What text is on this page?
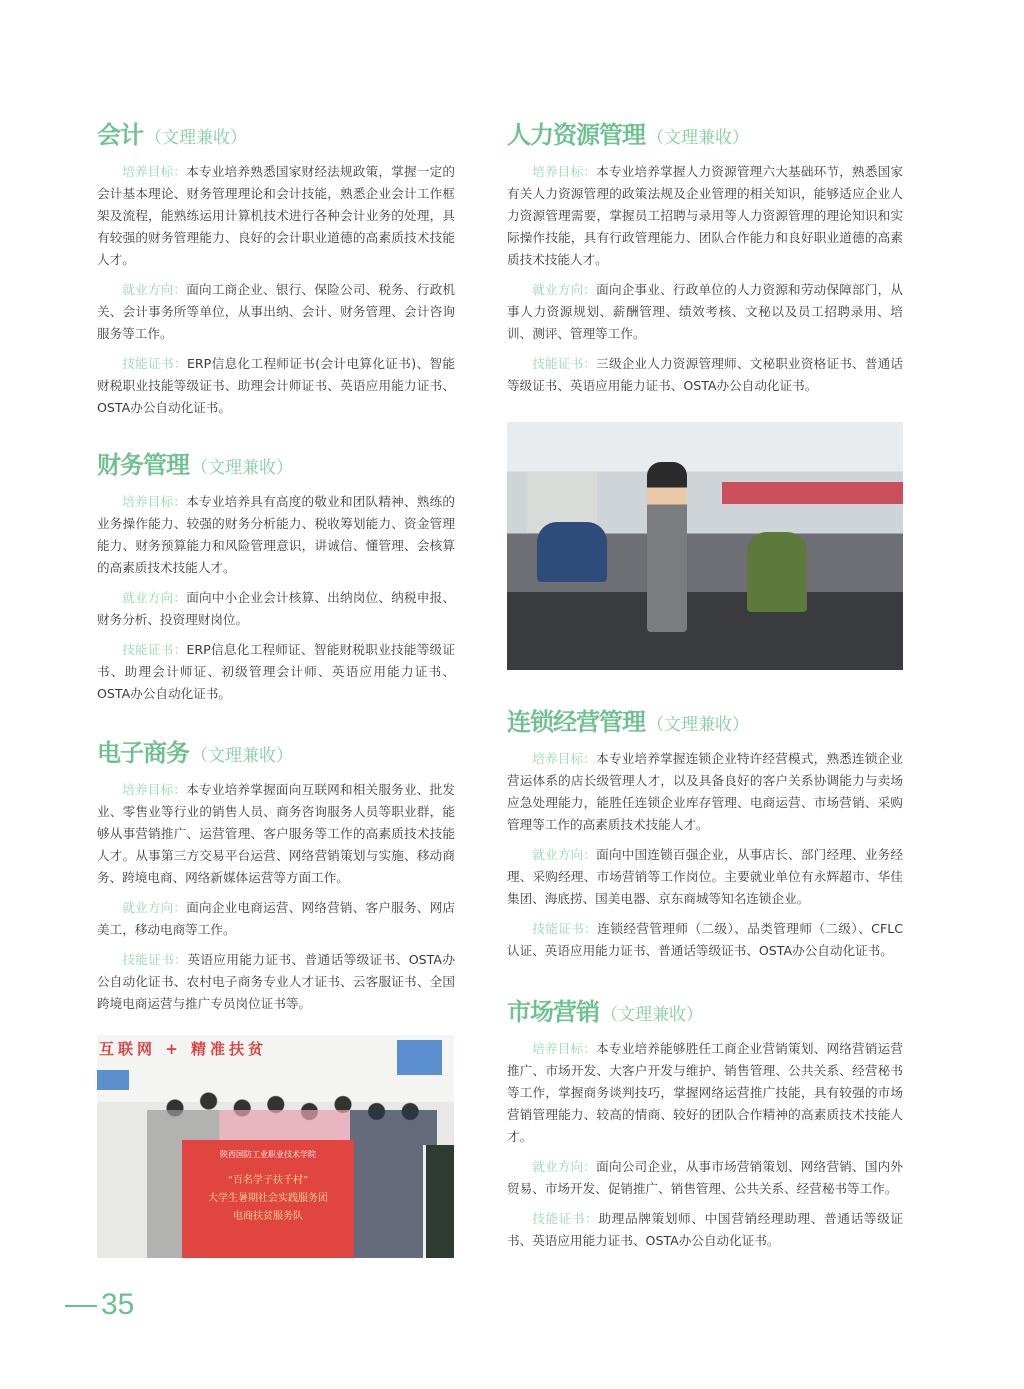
会计 （文理兼收）

培养目标：本专业培养熟悉国家财经法规政策，掌握一定的会计基本理论、财务管理理论和会计技能，熟悉企业会计工作框架及流程，能熟练运用计算机技术进行各种会计业务的处理，具有较强的财务管理能力、良好的会计职业道德的高素质技术技能人才。

就业方向：面向工商企业、银行、保险公司、税务、行政机关、会计事务所等单位，从事出纳、会计、财务管理、会计咨询服务等工作。

技能证书：ERP信息化工程师证书(会计电算化证书)、智能财税职业技能等级证书、助理会计师证书、英语应用能力证书、OSTA办公自动化证书。

财务管理 （文理兼收）

培养目标：本专业培养具有高度的敬业和团队精神、熟练的业务操作能力、较强的财务分析能力、税收筹划能力、资金管理能力、财务预算能力和风险管理意识，讲诚信、懂管理、会核算的高素质技术技能人才。

就业方向：面向中小企业会计核算、出纳岗位、纳税申报、财务分析、投资理财岗位。

技能证书：ERP信息化工程师证、智能财税职业技能等级证书、助理会计师证、初级管理会计师、英语应用能力证书、OSTA办公自动化证书。

电子商务 （文理兼收）

培养目标：本专业培养掌握面向互联网和相关服务业、批发业、零售业等行业的销售人员、商务咨询服务人员等职业群，能够从事营销推广、运营管理、客户服务等工作的高素质技术技能人才。从事第三方交易平台运营、网络营销策划与实施、移动商务、跨境电商、网络新媒体运营等方面工作。

就业方向：面向企业电商运营、网络营销、客户服务、网店美工，移动电商等工作。

技能证书：英语应用能力证书、普通话等级证书、OSTA办公自动化证书、农村电子商务专业人才证书、云客服证书、全国跨境电商运营与推广专员岗位证书等。

互联网 + 精准扶贫
陕西国防工业职业技术学院
“百名学子扶千村”
大学生暑期社会实践服务团
电商扶贫服务队
人力资源管理 （文理兼收）

培养目标：本专业培养掌握人力资源管理六大基础环节，熟悉国家有关人力资源管理的政策法规及企业管理的相关知识，能够适应企业人力资源管理需要，掌握员工招聘与录用等人力资源管理的理论知识和实际操作技能，具有行政管理能力、团队合作能力和良好职业道德的高素质技术技能人才。

就业方向：面向企事业、行政单位的人力资源和劳动保障部门，从事人力资源规划、薪酬管理、绩效考核、文秘以及员工招聘录用、培训、测评、管理等工作。

技能证书：三级企业人力资源管理师、文秘职业资格证书、普通话等级证书、英语应用能力证书、OSTA办公自动化证书。

连锁经营管理 （文理兼收）

培养目标：本专业培养掌握连锁企业特许经营模式，熟悉连锁企业营运体系的店长级管理人才，以及具备良好的客户关系协调能力与卖场应急处理能力，能胜任连锁企业库存管理、电商运营、市场营销、采购管理等工作的高素质技术技能人才。

就业方向：面向中国连锁百强企业，从事店长、部门经理、业务经理、采购经理、市场营销等工作岗位。主要就业单位有永辉超市、华佳集团、海底捞、国美电器、京东商城等知名连锁企业。

技能证书：连锁经营管理师（二级）、品类管理师（二级）、CFLC认证、英语应用能力证书、普通话等级证书、OSTA办公自动化证书。

市场营销 （文理兼收）

培养目标：本专业培养能够胜任工商企业营销策划、网络营销运营推广、市场开发、大客户开发与维护、销售管理、公共关系、经营秘书等工作，掌握商务谈判技巧，掌握网络运营推广技能，具有较强的市场营销管理能力、较高的情商、较好的团队合作精神的高素质技术技能人才。

就业方向：面向公司企业，从事市场营销策划、网络营销、国内外贸易、市场开发、促销推广、销售管理、公共关系、经营秘书等工作。

技能证书：助理品牌策划师、中国营销经理助理、普通话等级证书、英语应用能力证书、OSTA办公自动化证书。

35
